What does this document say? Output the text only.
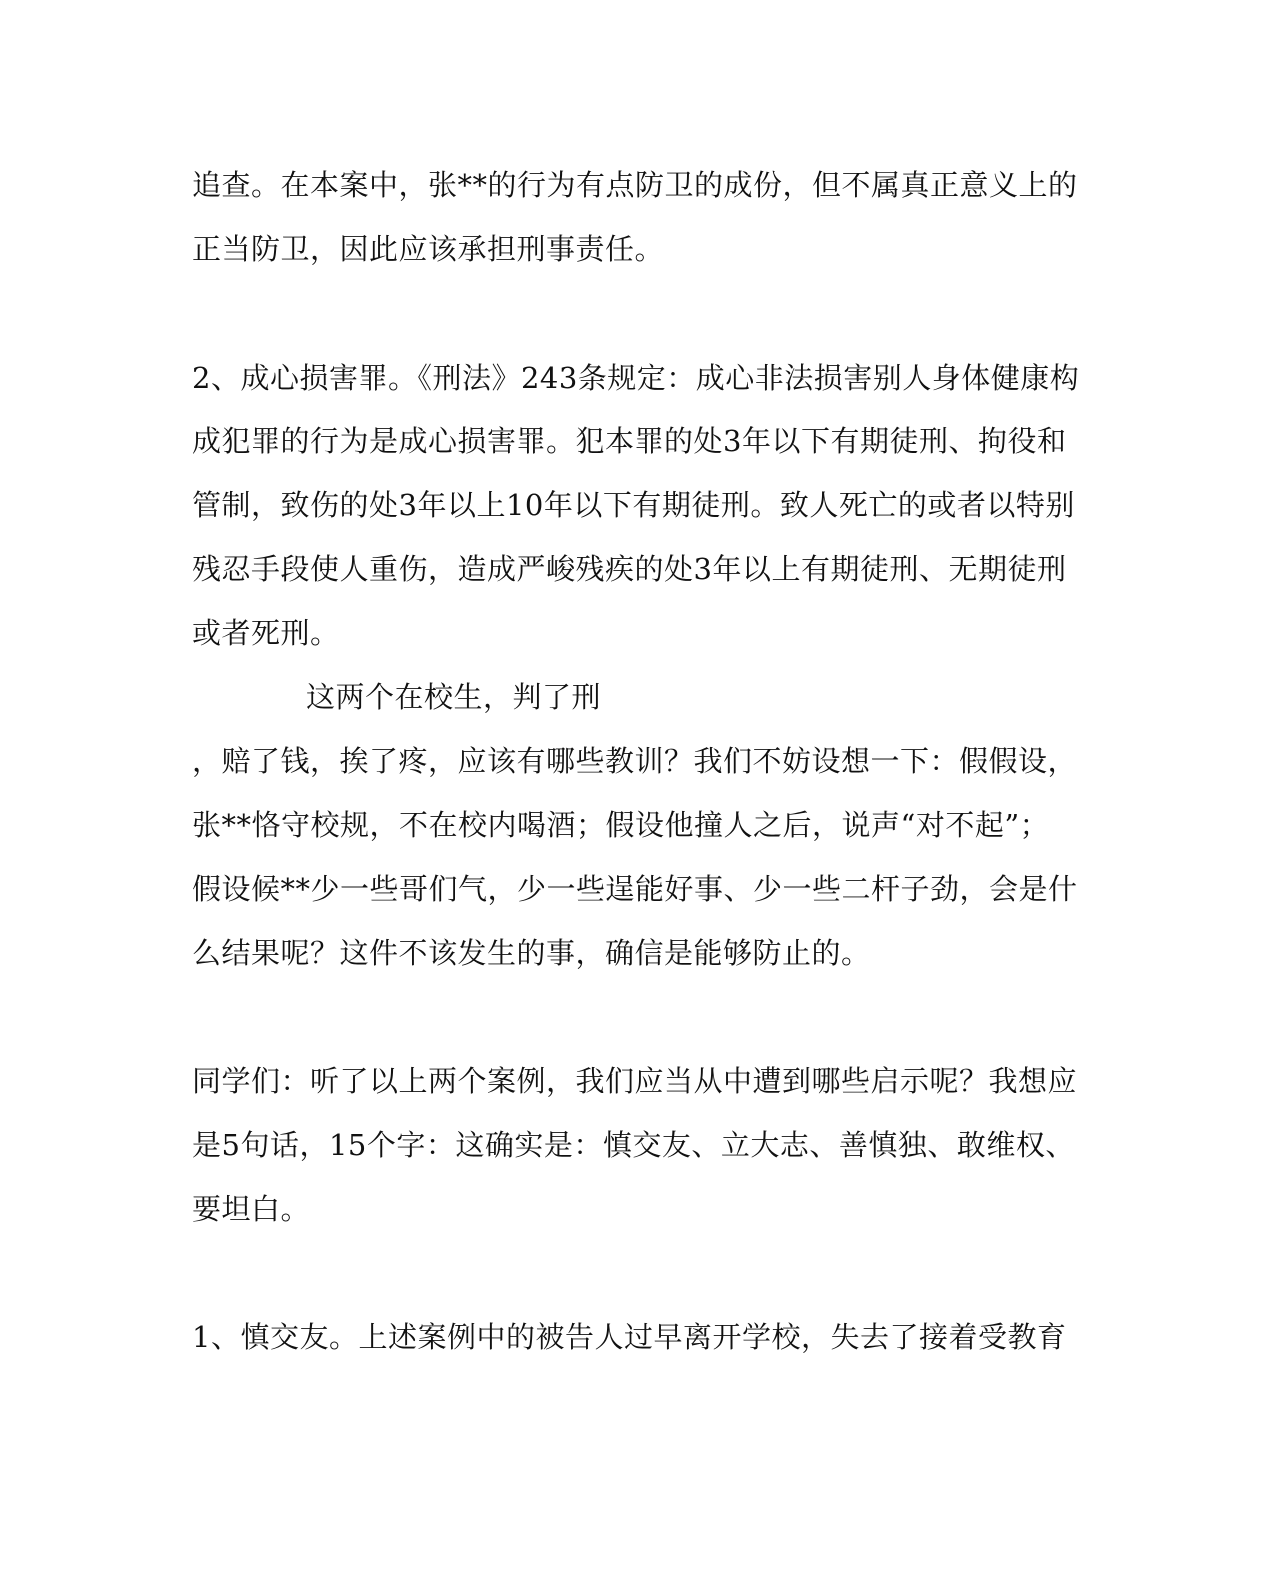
追查。在本案中，张**的行为有点防卫的成份，但不属真正意义上的
正当防卫，因此应该承担刑事责任。
2、成心损害罪。《刑法》243条规定：成心非法损害别人身体健康构
成犯罪的行为是成心损害罪。犯本罪的处3年以下有期徒刑、拘役和
管制，致伤的处3年以上10年以下有期徒刑。致人死亡的或者以特别
残忍手段使人重伤，造成严峻残疾的处3年以上有期徒刑、无期徒刑
或者死刑。
这两个在校生，判了刑
，赔了钱，挨了疼，应该有哪些教训？我们不妨设想一下：假假设，
张**恪守校规，不在校内喝酒；假设他撞人之后，说声“对不起”；
假设候**少一些哥们气，少一些逞能好事、少一些二杆子劲，会是什
么结果呢？这件不该发生的事，确信是能够防止的。
同学们：听了以上两个案例，我们应当从中遭到哪些启示呢？我想应
是5句话，15个字：这确实是：慎交友、立大志、善慎独、敢维权、
要坦白。
1、慎交友。上述案例中的被告人过早离开学校，失去了接着受教育
